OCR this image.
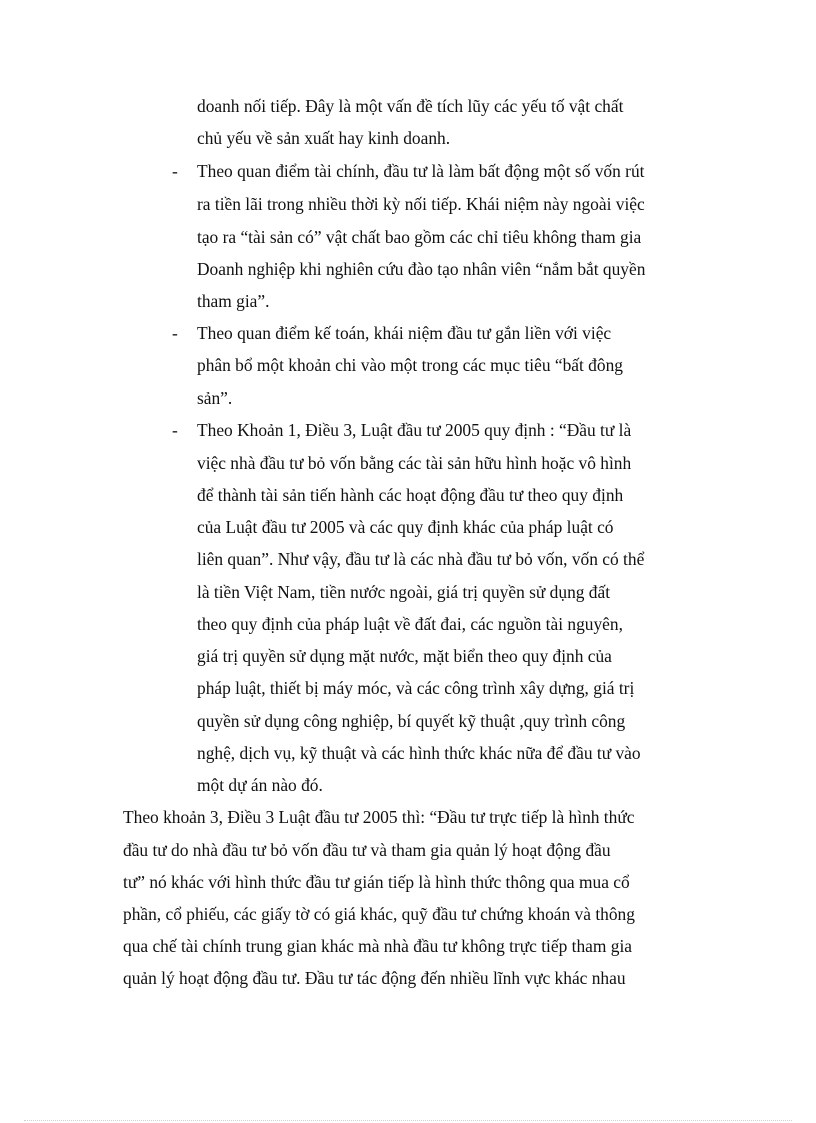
doanh nối tiếp. Đây là một vấn đề tích lũy các yếu tố vật chất

chủ yếu về sản xuất hay kinh doanh.

- Theo quan điểm tài chính, đầu tư là làm bất động một số vốn rút

ra tiền lãi trong nhiều thời kỳ nối tiếp. Khái niệm này ngoài việc

tạo ra “tài sản có” vật chất bao gồm các chỉ tiêu không tham gia

Doanh nghiệp khi nghiên cứu đào tạo nhân viên “nắm bắt quyền

tham gia”.

- Theo quan điểm kế toán, khái niệm đầu tư gắn liền với việc

phân bổ một khoản chi vào một trong các mục tiêu “bất đông

sản”.

- Theo Khoản 1, Điều 3, Luật đầu tư 2005 quy định : “Đầu tư là

việc nhà đầu tư bỏ vốn bằng các tài sản hữu hình hoặc vô hình

để thành tài sản tiến hành các hoạt động đầu tư theo quy định

của Luật đầu tư 2005 và các quy định khác của pháp luật có

liên quan”. Như vậy, đầu tư là các nhà đầu tư bỏ vốn, vốn có thể

là tiền Việt Nam, tiền nước ngoài, giá trị quyền sử dụng đất

theo quy định của pháp luật về đất đai, các nguồn tài nguyên,

giá trị quyền sử dụng mặt nước, mặt biển theo quy định của

pháp luật, thiết bị máy móc, và các công trình xây dựng, giá trị

quyền sử dụng công nghiệp, bí quyết kỹ thuật ,quy trình công

nghệ, dịch vụ, kỹ thuật và các hình thức khác nữa để đầu tư vào

một dự án nào đó.

Theo khoản 3, Điều 3 Luật đầu tư 2005 thì: “Đầu tư trực tiếp là hình thức

đầu tư do nhà đầu tư bỏ vốn đầu tư và tham gia quản lý hoạt động đầu

tư” nó khác với hình thức đầu tư gián tiếp là hình thức thông qua mua cổ

phần, cổ phiếu, các giấy tờ có giá khác, quỹ đầu tư chứng khoán và thông

qua chế tài chính trung gian khác mà nhà đầu tư không trực tiếp tham gia

quản lý hoạt động đầu tư. Đầu tư tác động đến nhiều lĩnh vực khác nhau
